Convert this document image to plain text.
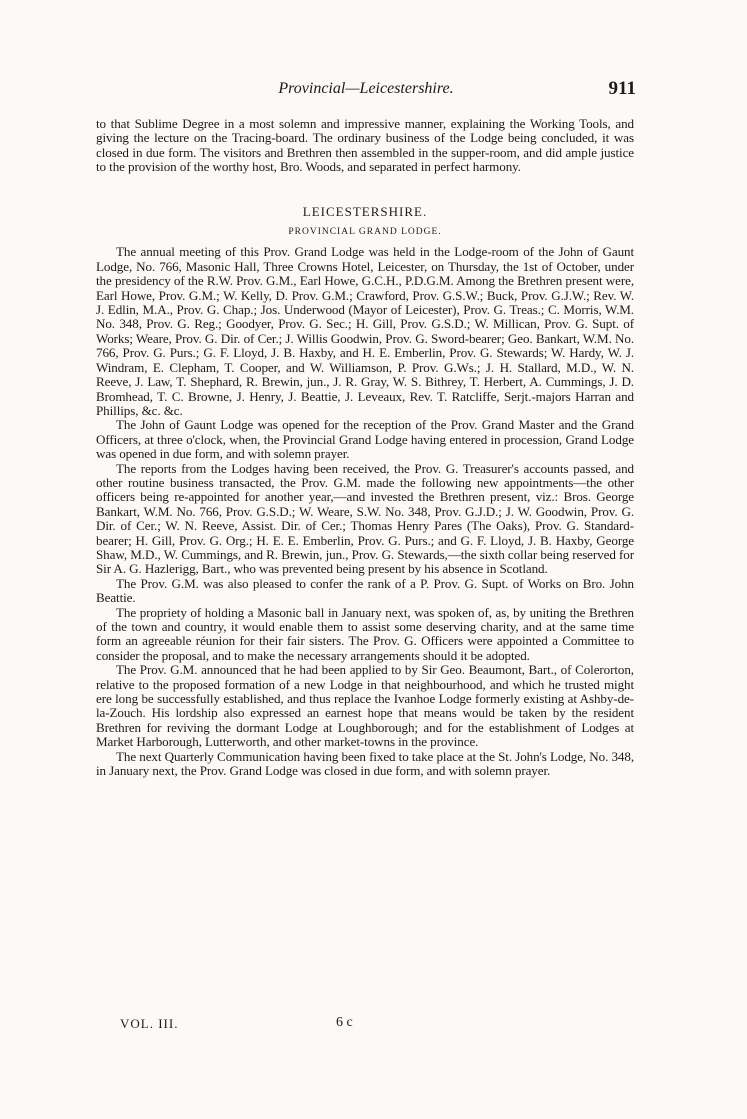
Provincial—Leicestershire.	911

to that Sublime Degree in a most solemn and impressive manner, explaining the Working Tools, and giving the lecture on the Tracing-board. The ordinary business of the Lodge being concluded, it was closed in due form. The visitors and Brethren then assembled in the supper-room, and did ample justice to the provision of the worthy host, Bro. Woods, and separated in perfect harmony.

LEICESTERSHIRE.
PROVINCIAL GRAND LODGE.

The annual meeting of this Prov. Grand Lodge was held in the Lodge-room of the John of Gaunt Lodge, No. 766, Masonic Hall, Three Crowns Hotel, Leicester, on Thursday, the 1st of October, under the presidency of the R.W. Prov. G.M., Earl Howe, G.C.H., P.D.G.M. Among the Brethren present were, Earl Howe, Prov. G.M.; W. Kelly, D. Prov. G.M.; Crawford, Prov. G.S.W.; Buck, Prov. G.J.W.; Rev. W. J. Edlin, M.A., Prov. G. Chap.; Jos. Underwood (Mayor of Leicester), Prov. G. Treas.; C. Morris, W.M. No. 348, Prov. G. Reg.; Goodyer, Prov. G. Sec.; H. Gill, Prov. G.S.D.; W. Millican, Prov. G. Supt. of Works; Weare, Prov. G. Dir. of Cer.; J. Willis Goodwin, Prov. G. Sword-bearer; Geo. Bankart, W.M. No. 766, Prov. G. Purs.; G. F. Lloyd, J. B. Haxby, and H. E. Emberlin, Prov. G. Stewards; W. Hardy, W. J. Windram, E. Clepham, T. Cooper, and W. Williamson, P. Prov. G.Ws.; J. H. Stallard, M.D., W. N. Reeve, J. Law, T. Shephard, R. Brewin, jun., J. R. Gray, W. S. Bithrey, T. Herbert, A. Cummings, J. D. Bromhead, T. C. Browne, J. Henry, J. Beattie, J. Leveaux, Rev. T. Ratcliffe, Serjt.-majors Harran and Phillips, &c. &c.

The John of Gaunt Lodge was opened for the reception of the Prov. Grand Master and the Grand Officers, at three o'clock, when, the Provincial Grand Lodge having entered in procession, Grand Lodge was opened in due form, and with solemn prayer.

The reports from the Lodges having been received, the Prov. G. Treasurer's accounts passed, and other routine business transacted, the Prov. G.M. made the following new appointments—the other officers being re-appointed for another year,—and invested the Brethren present, viz.: Bros. George Bankart, W.M. No. 766, Prov. G.S.D.; W. Weare, S.W. No. 348, Prov. G.J.D.; J. W. Goodwin, Prov. G. Dir. of Cer.; W. N. Reeve, Assist. Dir. of Cer.; Thomas Henry Pares (The Oaks), Prov. G. Standard-bearer; H. Gill, Prov. G. Org.; H. E. E. Emberlin, Prov. G. Purs.; and G. F. Lloyd, J. B. Haxby, George Shaw, M.D., W. Cummings, and R. Brewin, jun., Prov. G. Stewards,—the sixth collar being reserved for Sir A. G. Hazlerigg, Bart., who was prevented being present by his absence in Scotland.

The Prov. G.M. was also pleased to confer the rank of a P. Prov. G. Supt. of Works on Bro. John Beattie.

The propriety of holding a Masonic ball in January next, was spoken of, as, by uniting the Brethren of the town and country, it would enable them to assist some deserving charity, and at the same time form an agreeable réunion for their fair sisters. The Prov. G. Officers were appointed a Committee to consider the proposal, and to make the necessary arrangements should it be adopted.

The Prov. G.M. announced that he had been applied to by Sir Geo. Beaumont, Bart., of Colerorton, relative to the proposed formation of a new Lodge in that neighbourhood, and which he trusted might ere long be successfully established, and thus replace the Ivanhoe Lodge formerly existing at Ashby-de-la-Zouch. His lordship also expressed an earnest hope that means would be taken by the resident Brethren for reviving the dormant Lodge at Loughborough; and for the establishment of Lodges at Market Harborough, Lutterworth, and other market-towns in the province.

The next Quarterly Communication having been fixed to take place at the St. John's Lodge, No. 348, in January next, the Prov. Grand Lodge was closed in due form, and with solemn prayer.

VOL. III.	6 c
